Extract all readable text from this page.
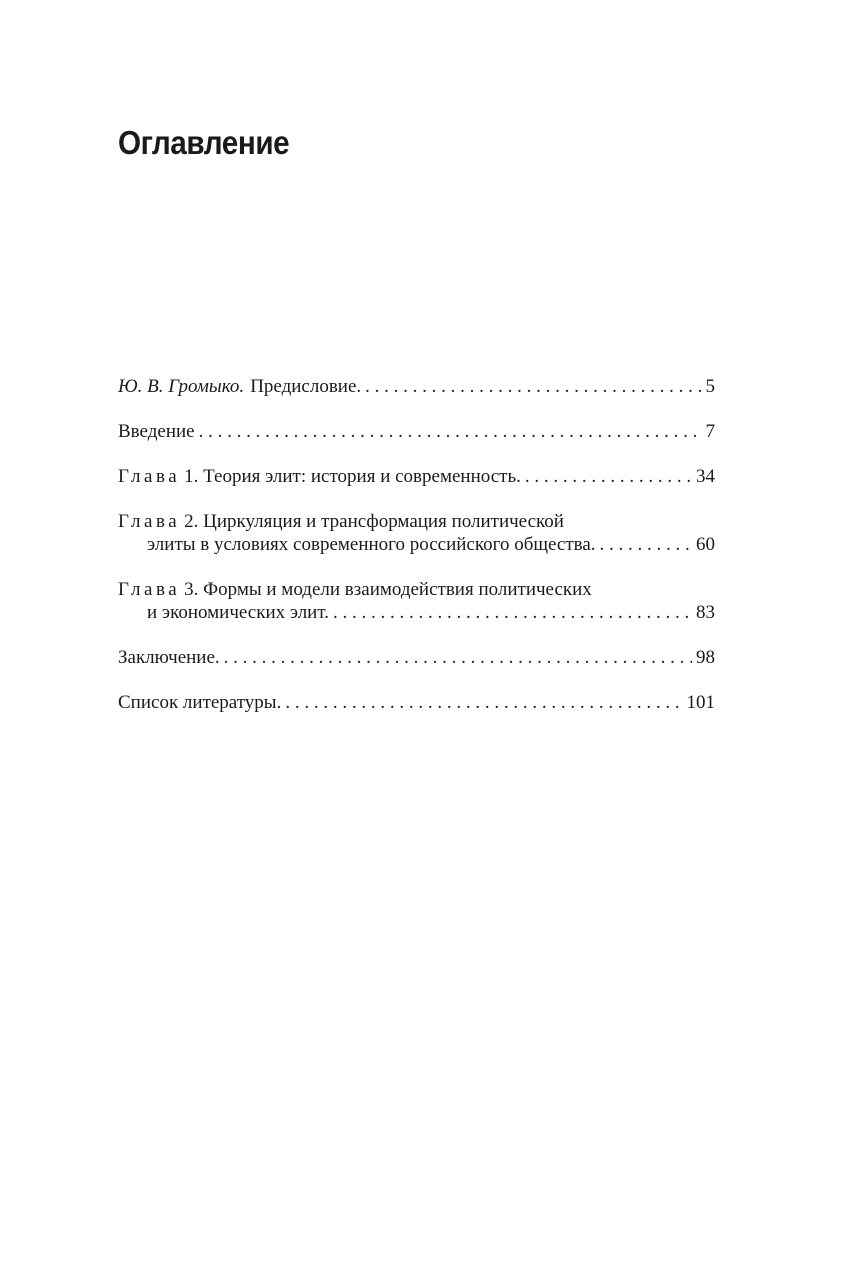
Оглавление
Ю. В. Громыко. Предисловие. . . .	5
Введение . . .	7
Глава 1. Теория элит: история и современность. . . .	34
Глава 2. Циркуляция и трансформация политической
элиты в условиях современного российского общества. . . .	60
Глава 3. Формы и модели взаимодействия политических
и экономических элит. . . .	83
Заключение. . . .	98
Список литературы. . . .	101
